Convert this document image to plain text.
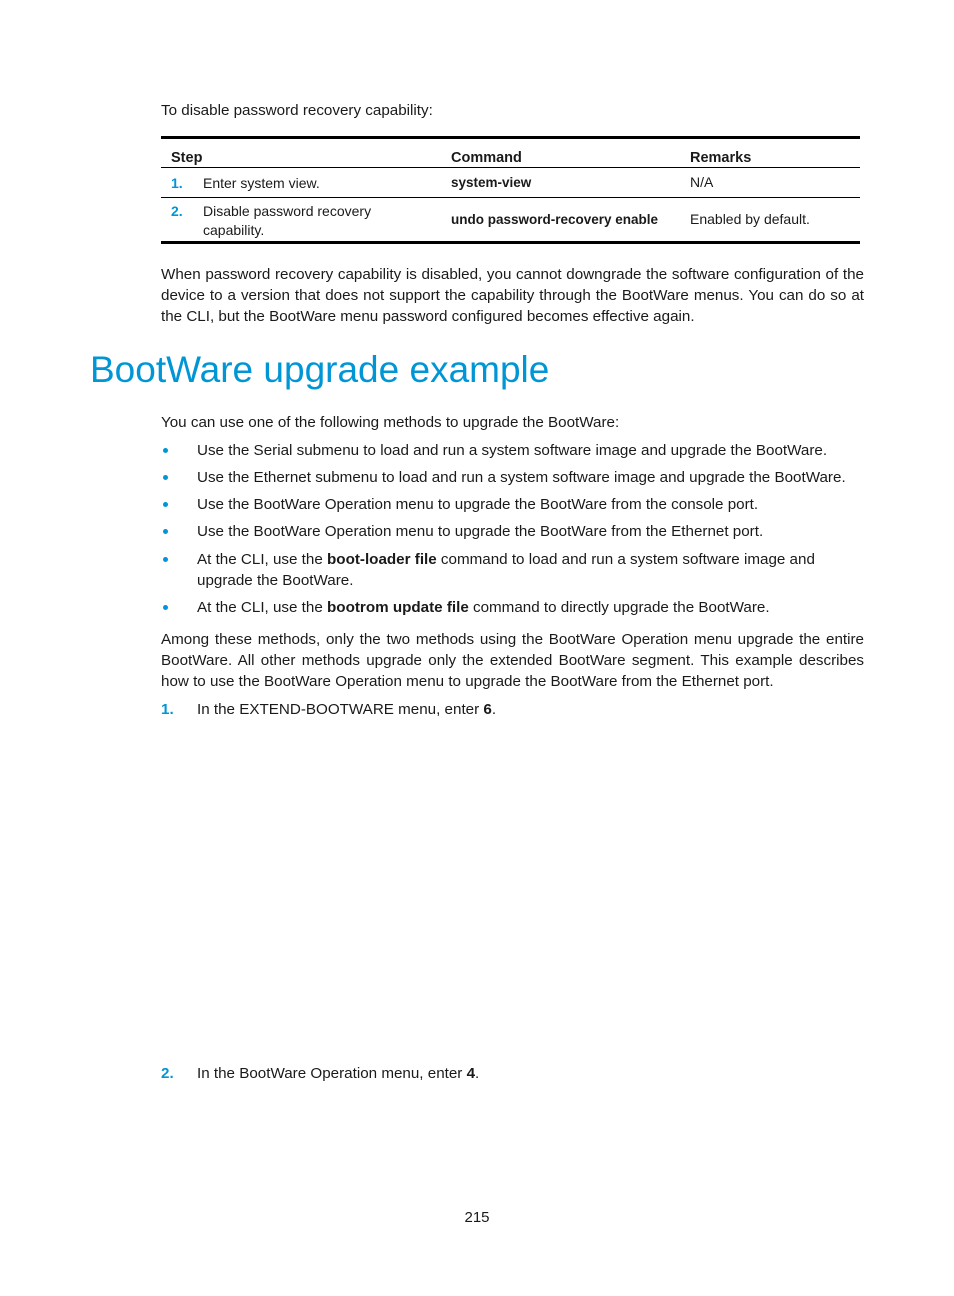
To disable password recovery capability:

Step	Command	Remarks

1. Enter system view.	system-view	N/A

2. Disable password recovery capability.	undo password-recovery enable	Enabled by default.

When password recovery capability is disabled, you cannot downgrade the software configuration of the device to a version that does not support the capability through the BootWare menus. You can do so at the CLI, but the BootWare menu password configured becomes effective again.

BootWare upgrade example

You can use one of the following methods to upgrade the BootWare:

Use the Serial submenu to load and run a system software image and upgrade the BootWare.
Use the Ethernet submenu to load and run a system software image and upgrade the BootWare.
Use the BootWare Operation menu to upgrade the BootWare from the console port.
Use the BootWare Operation menu to upgrade the BootWare from the Ethernet port.
At the CLI, use the boot-loader file command to load and run a system software image and upgrade the BootWare.
At the CLI, use the bootrom update file command to directly upgrade the BootWare.

Among these methods, only the two methods using the BootWare Operation menu upgrade the entire BootWare. All other methods upgrade only the extended BootWare segment. This example describes how to use the BootWare Operation menu to upgrade the BootWare from the Ethernet port.

1.	In the EXTEND-BOOTWARE menu, enter 6.
2.	In the BootWare Operation menu, enter 4.
215
